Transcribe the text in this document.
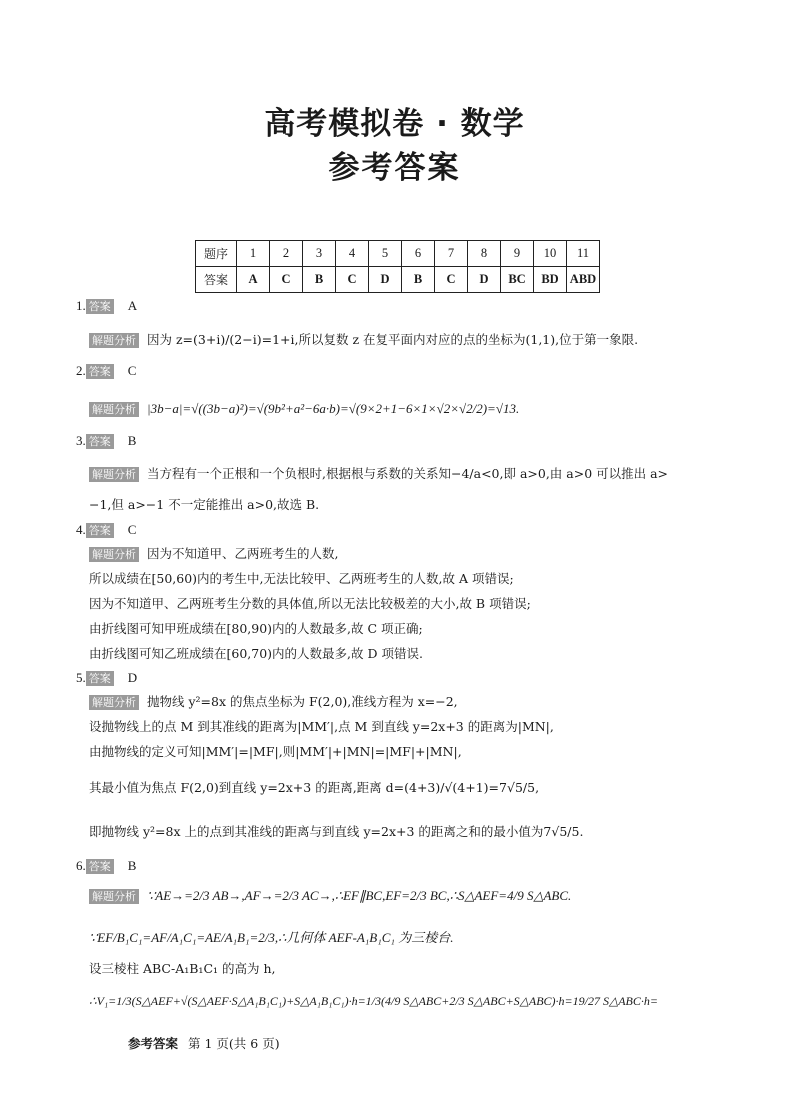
高考模拟卷 · 数学
参考答案
题序	1	2	3	4	5	6	7	8	9	10	11
答案	A	C	B	C	D	B	C	D	BC	BD	ABD
1. 答案 A
解题分析 因为 z=(3+i)/(2−i)=1+i,所以复数 z 在复平面内对应的点的坐标为(1,1),位于第一象限.
2. 答案 C
解题分析 |3b−a|=√((3b−a)²)=√(9b²+a²−6a·b)=√(9×2+1−6×1×√2×√2/2)=√13.
3. 答案 B
解题分析 当方程有一个正根和一个负根时,根据根与系数的关系知−4/a<0,即 a>0,由 a>0 可以推出 a>
−1,但 a>−1 不一定能推出 a>0,故选 B.
4. 答案 C
解题分析 因为不知道甲、乙两班考生的人数,
所以成绩在[50,60)内的考生中,无法比较甲、乙两班考生的人数,故 A 项错误;
因为不知道甲、乙两班考生分数的具体值,所以无法比较极差的大小,故 B 项错误;
由折线图可知甲班成绩在[80,90)内的人数最多,故 C 项正确;
由折线图可知乙班成绩在[60,70)内的人数最多,故 D 项错误.
5. 答案 D
解题分析 抛物线 y²=8x 的焦点坐标为 F(2,0),准线方程为 x=−2,
设抛物线上的点 M 到其准线的距离为|MM′|,点 M 到直线 y=2x+3 的距离为|MN|,
由抛物线的定义可知|MM′|=|MF|,则|MM′|+|MN|=|MF|+|MN|,
其最小值为焦点 F(2,0)到直线 y=2x+3 的距离,距离 d=(4+3)/√(4+1)=7√5/5,
即抛物线 y²=8x 上的点到其准线的距离与到直线 y=2x+3 的距离之和的最小值为7√5/5.
6. 答案 B
解题分析 ∵AE→=2/3 AB→,AF→=2/3 AC→,∴EF∥BC,EF=2/3 BC,∴S△AEF=4/9 S△ABC.
∵EF/B₁C₁=AF/A₁C₁=AE/A₁B₁=2/3,∴几何体 AEF-A₁B₁C₁ 为三棱台.
设三棱柱 ABC-A₁B₁C₁ 的高为 h,
∴V₁=1/3(S△AEF+√(S△AEF·S△A₁B₁C₁)+S△A₁B₁C₁)·h=1/3(4/9 S△ABC+2/3 S△ABC+S△ABC)·h=19/27 S△ABC·h=
参考答案 第 1 页(共 6 页)
